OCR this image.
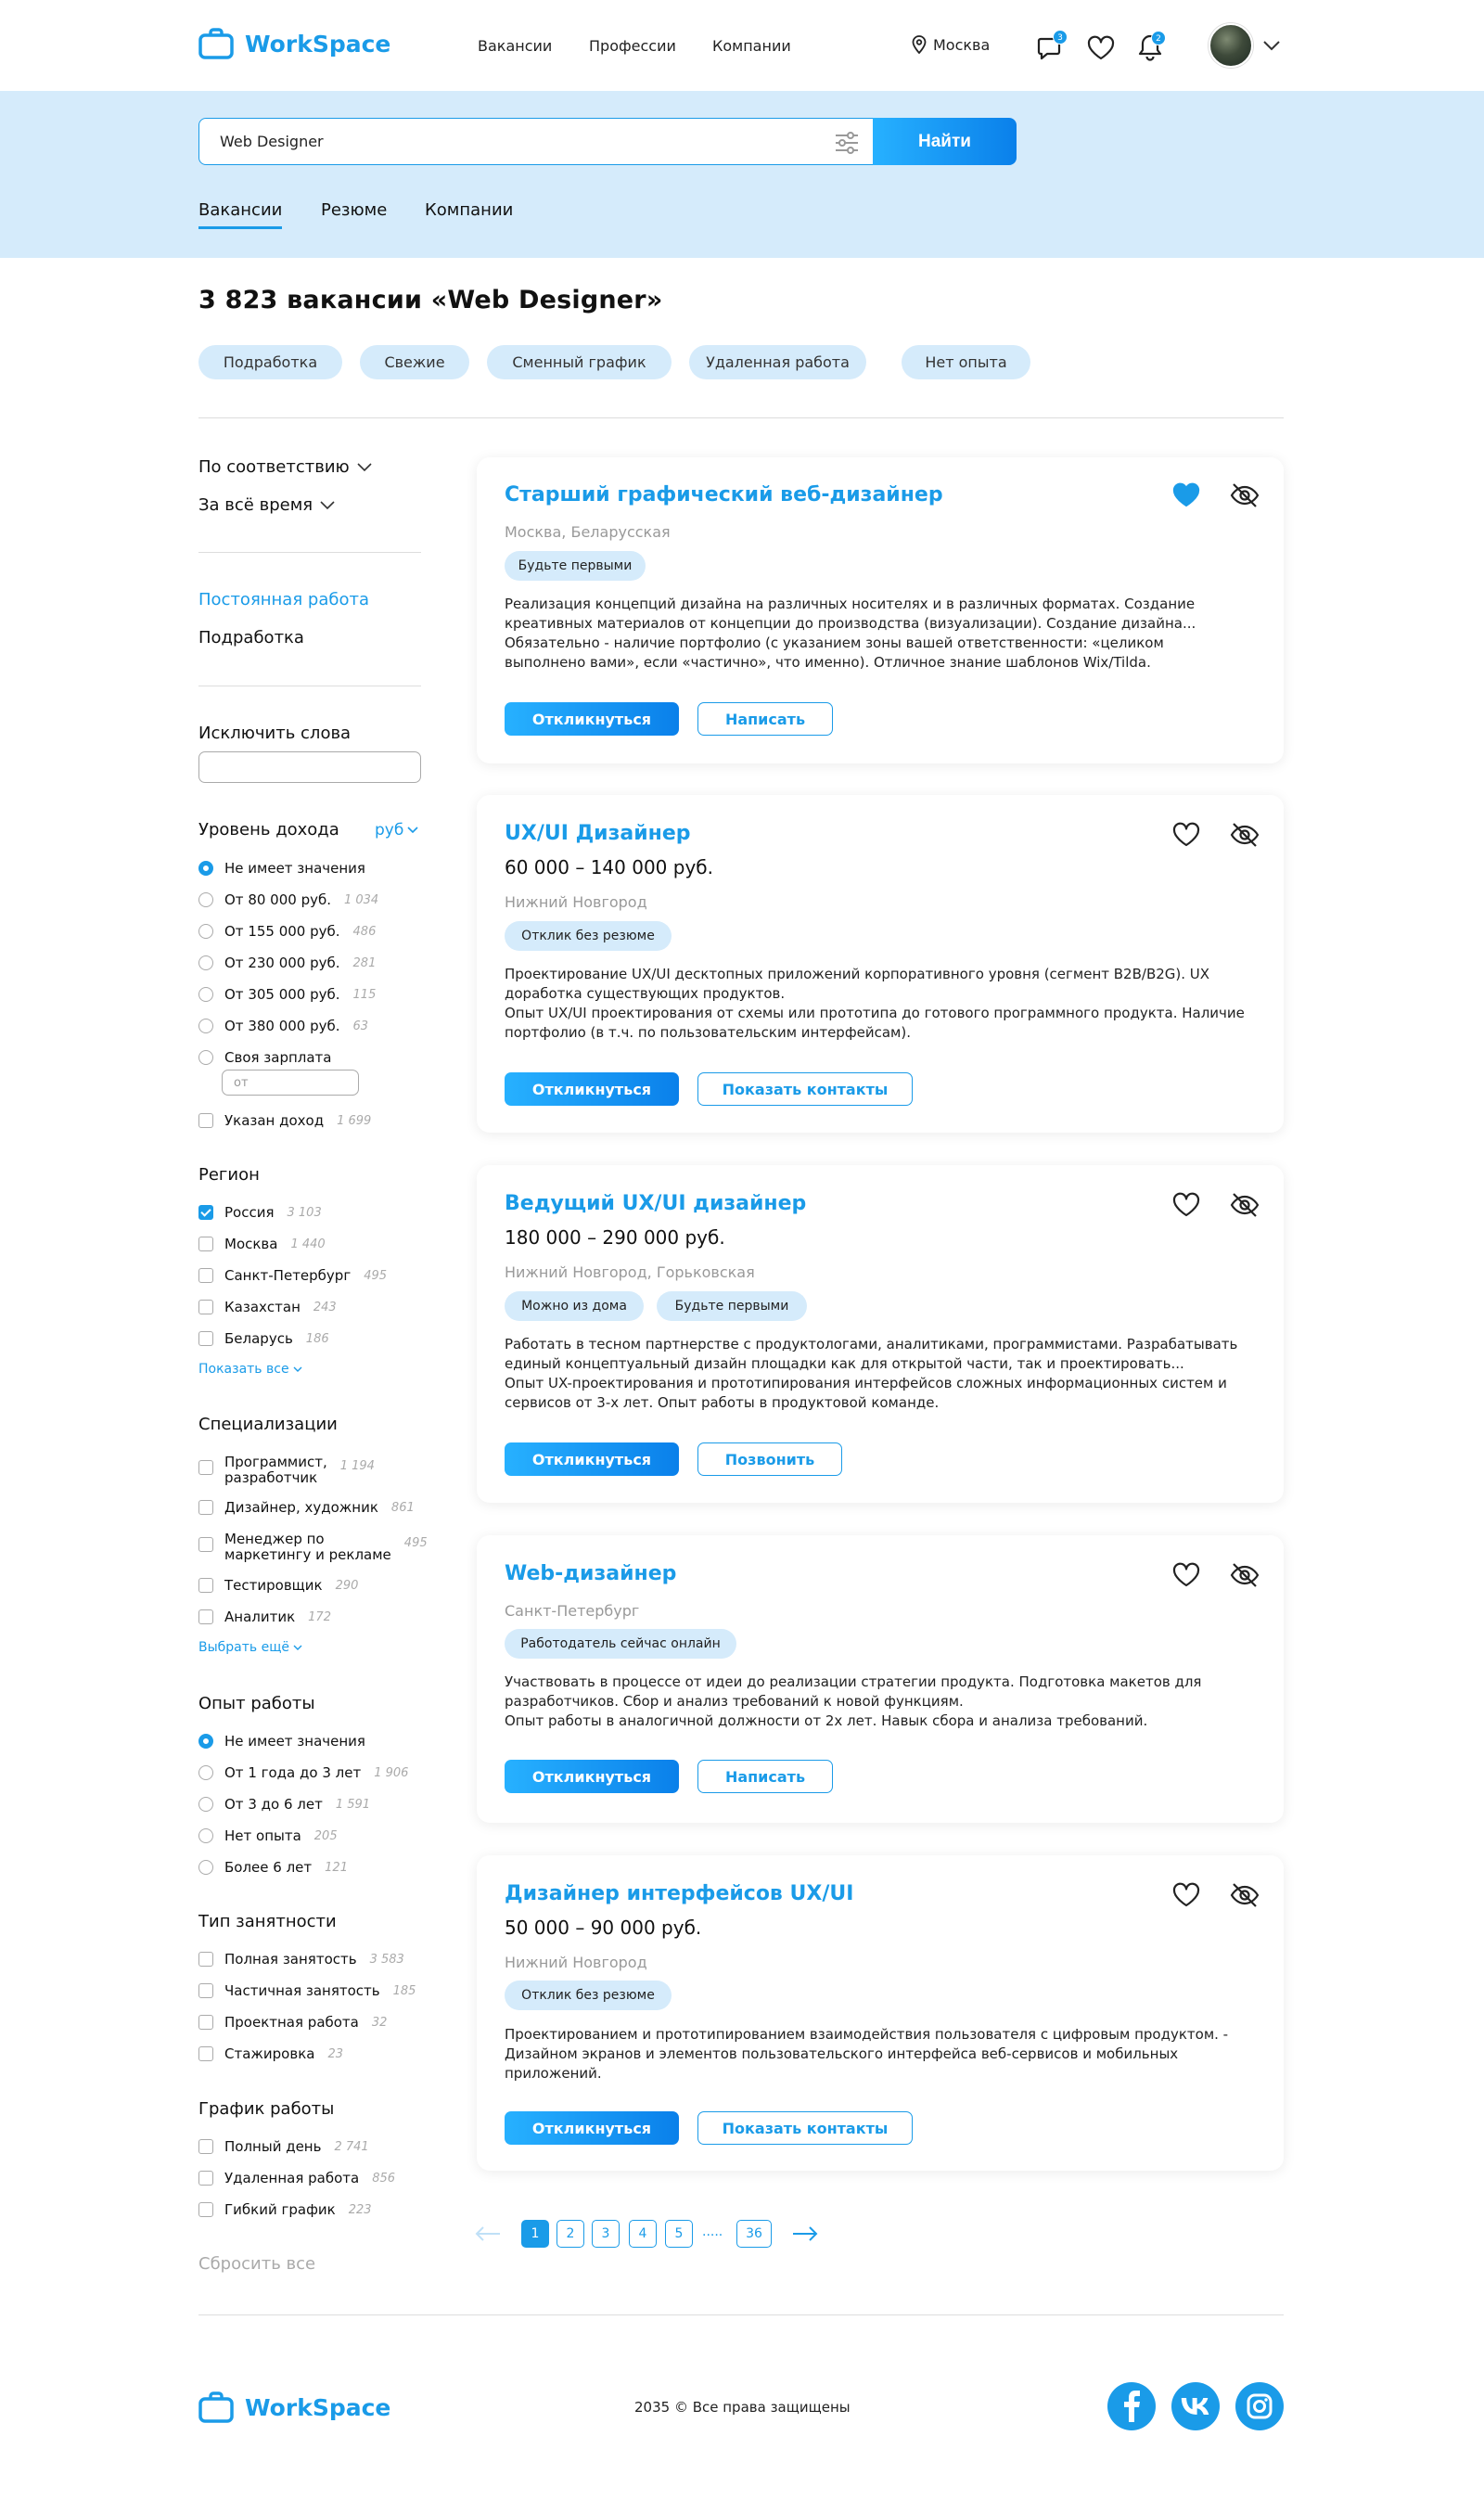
WorkSpace	Вакансии Профессии Компании	Москва	3	2
Web Designer	Найти
Вакансии Резюме Компании
3 823 вакансии «Web Designer»
Подработка	Свежие	Сменный график	Удаленная работа	Нет опыта
По соответствию
За всё время
Постоянная работа
Подработка
Исключить слова
Уровень дохода руб
Не имеет значения
От 80 000 руб. 1 034
От 155 000 руб. 486
От 230 000 руб. 281
От 305 000 руб. 115
От 380 000 руб. 63
Своя зарплата
от
Указан доход 1 699
Регион
Россия 3 103
Москва 1 440
Санкт-Петербург 495
Казахстан 243
Беларусь 186
Показать все
Специализации
Программист,
разработчик
1 194
Дизайнер, художник 861
Менеджер по
маркетингу и рекламе
495
Тестировщик 290
Аналитик 172
Выбрать ещё
Опыт работы
Не имеет значения
От 1 года до 3 лет 1 906
От 3 до 6 лет 1 591
Нет опыта 205
Более 6 лет 121
Тип занятности
Полная занятость 3 583
Частичная занятость 185
Проектная работа 32
Стажировка 23
График работы
Полный день 2 741
Удаленная работа 856
Гибкий график 223
Сбросить все
Старший графический веб-дизайнер
Москва, Беларусская
Будьте первыми
Реализация концепций дизайна на различных носителях и в различных форматах. Создание
креативных материалов от концепции до производства (визуализации). Создание дизайна...
Обязательно - наличие портфолио (с указанием зоны вашей ответственности: «целиком
выполнено вами», если «частично», что именно). Отличное знание шаблонов Wix/Tilda.
Откликнуться	Написать
UX/UI Дизайнер
60 000 – 140 000 руб.
Нижний Новгород
Отклик без резюме
Проектирование UX/UI десктопных приложений корпоративного уровня (сегмент B2B/B2G). UX
доработка существующих продуктов.
Опыт UX/UI проектирования от схемы или прототипа до готового программного продукта. Наличие
портфолио (в т.ч. по пользовательским интерфейсам).
Откликнуться	Показать контакты
Ведущий UX/UI дизайнер
180 000 – 290 000 руб.
Нижний Новгород, Горьковская
Можно из дома	Будьте первыми
Работать в тесном партнерстве с продуктологами, аналитиками, программистами. Разрабатывать
единый концептуальный дизайн площадки как для открытой части, так и проектировать...
Опыт UX-проектирования и прототипирования интерфейсов сложных информационных систем и
сервисов от 3-х лет. Опыт работы в продуктовой команде.
Откликнуться	Позвонить
Web-дизайнер
Санкт-Петербург
Работодатель сейчас онлайн
Участвовать в процессе от идеи до реализации стратегии продукта. Подготовка макетов для
разработчиков. Сбор и анализ требований к новой функциям.
Опыт работы в аналогичной должности от 2х лет. Навык сбора и анализа требований.
Откликнуться	Написать
Дизайнер интерфейсов UX/UI
50 000 – 90 000 руб.
Нижний Новгород
Отклик без резюме
Проектированием и прототипированием взаимодействия пользователя с цифровым продуктом. -
Дизайном экранов и элементов пользовательского интерфейса веб-сервисов и мобильных
приложений.
Откликнуться	Показать контакты
1	2	3	4	5	.....	36
WorkSpace	2035 © Все права защищены
